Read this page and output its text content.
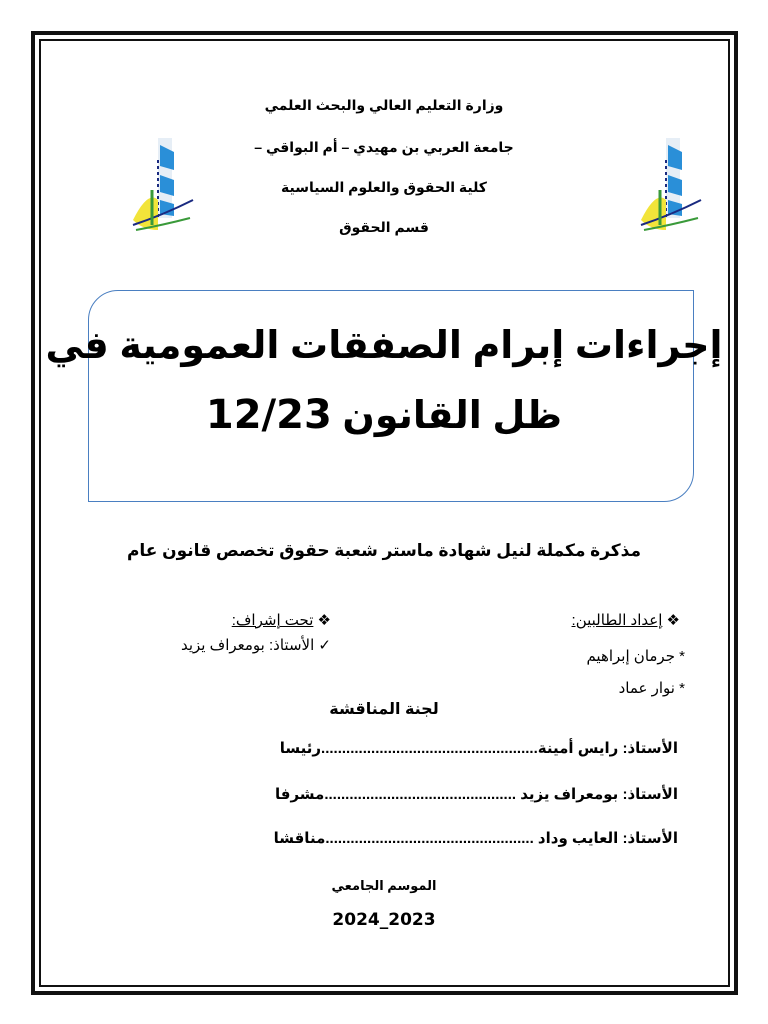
وزارة التعليم العالي والبحث العلمي
جامعة العربي بن مهيدي – أم البواقي –
كلية الحقوق والعلوم السياسية
قسم الحقوق
إجراءات إبرام الصفقات العمومية في
ظل القانون 12/23
مذكرة مكملة لنيل شهادة ماستر شعبة حقوق تخصص قانون عام
❖ إعداد الطالبين:
* جرمان إبراهيم
* نوار عماد
❖ تحت إشراف:
✓ الأستاذ: بومعراف يزيد
لجنة المناقشة
الأستاذ: رايس أمينة....................................................رئيسا
الأستاذ: بومعراف يزيد ..............................................مشرفا
الأستاذ: العايب وداد ..................................................مناقشا
الموسم الجامعي
2024_2023
